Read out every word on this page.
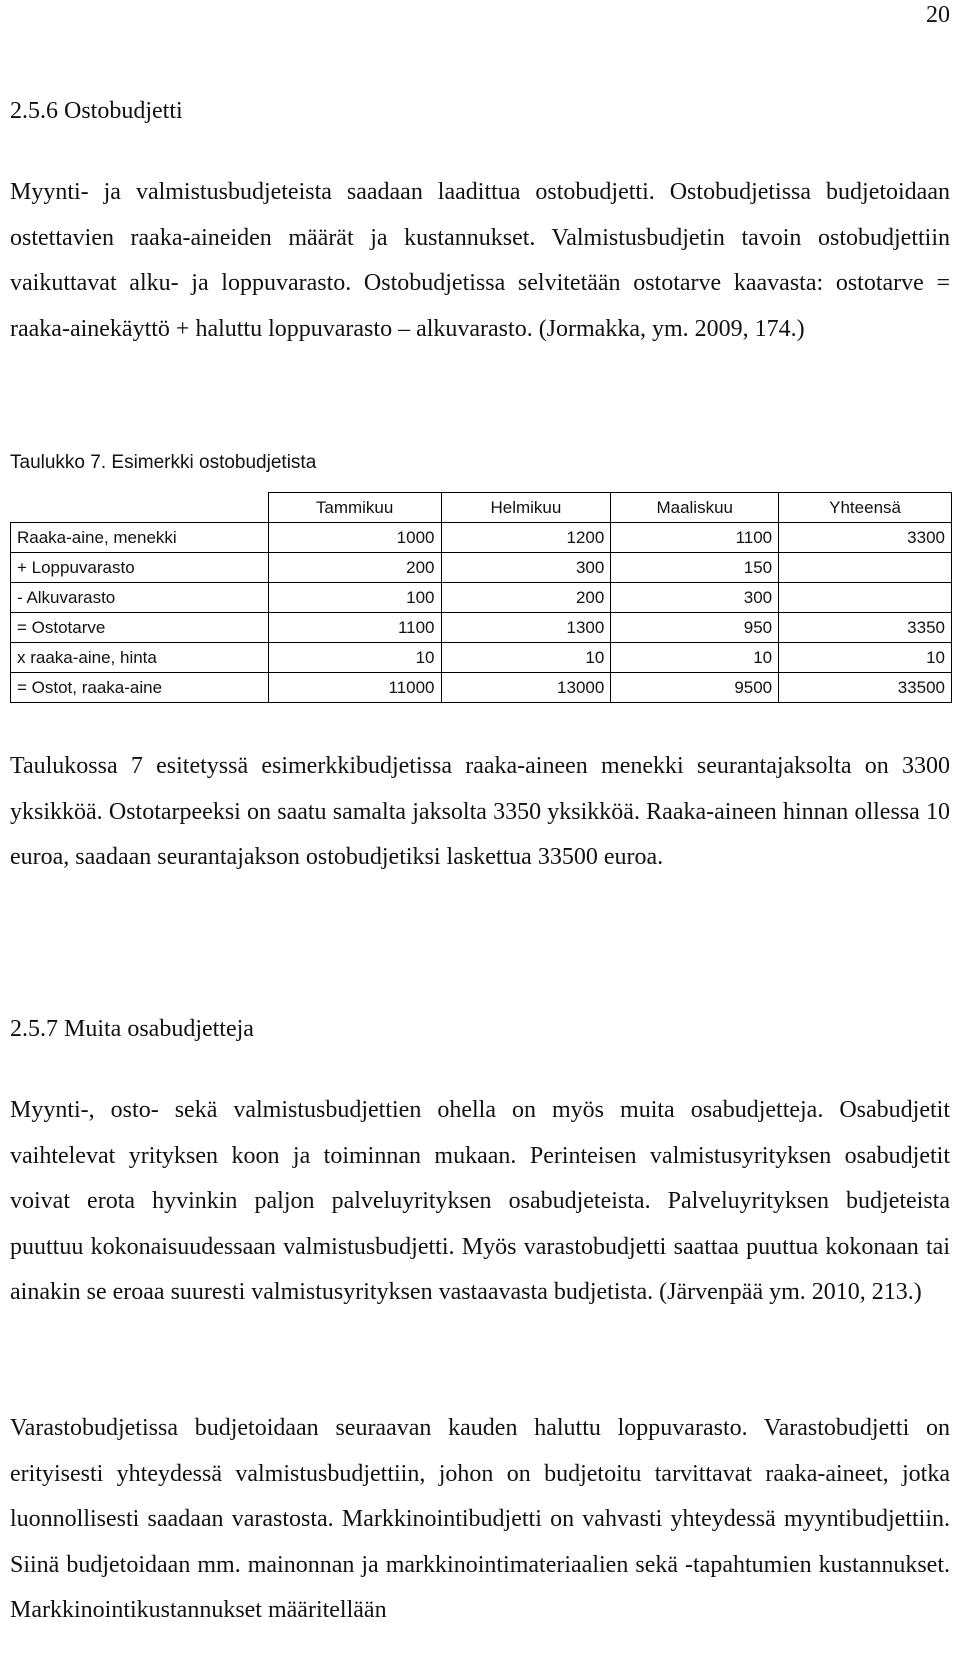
20
2.5.6 Ostobudjetti

Myynti- ja valmistusbudjeteista saadaan laadittua ostobudjetti. Ostobudjetissa budjetoidaan ostettavien raaka-aineiden määrät ja kustannukset. Valmistusbudjetin tavoin ostobudjettiin vaikuttavat alku- ja loppuvarasto. Ostobudjetissa selvitetään ostotarve kaavasta: ostotarve = raaka-ainekäyttö + haluttu loppuvarasto – alkuvarasto. (Jormakka, ym. 2009, 174.)

Taulukko 7. Esimerkki ostobudjetista
	Tammikuu	Helmikuu	Maaliskuu	Yhteensä
Raaka-aine, menekki	1000	1200	1100	3300
+ Loppuvarasto	200	300	150	
- Alkuvarasto	100	200	300	
= Ostotarve	1100	1300	950	3350
x raaka-aine, hinta	10	10	10	10
= Ostot, raaka-aine	11000	13000	9500	33500

Taulukossa 7 esitetyssä esimerkkibudjetissa raaka-aineen menekki seurantajaksolta on 3300 yksikköä. Ostotarpeeksi on saatu samalta jaksolta 3350 yksikköä. Raaka-aineen hinnan ollessa 10 euroa, saadaan seurantajakson ostobudjetiksi laskettua 33500 euroa.

2.5.7 Muita osabudjetteja

Myynti-, osto- sekä valmistusbudjettien ohella on myös muita osabudjetteja. Osabudjetit vaihtelevat yrityksen koon ja toiminnan mukaan. Perinteisen valmistusyrityksen osabudjetit voivat erota hyvinkin paljon palveluyrityksen osabudjeteista. Palveluyrityksen budjeteista puuttuu kokonaisuudessaan valmistusbudjetti. Myös varastobudjetti saattaa puuttua kokonaan tai ainakin se eroaa suuresti valmistusyrityksen vastaavasta budjetista. (Järvenpää ym. 2010, 213.)

Varastobudjetissa budjetoidaan seuraavan kauden haluttu loppuvarasto. Varastobudjetti on erityisesti yhteydessä valmistusbudjettiin, johon on budjetoitu tarvittavat raaka-aineet, jotka luonnollisesti saadaan varastosta. Markkinointibudjetti on vahvasti yhteydessä myyntibudjettiin. Siinä budjetoidaan mm. mainonnan ja markkinointimateriaalien sekä -tapahtumien kustannukset. Markkinointikustannukset määritellään
